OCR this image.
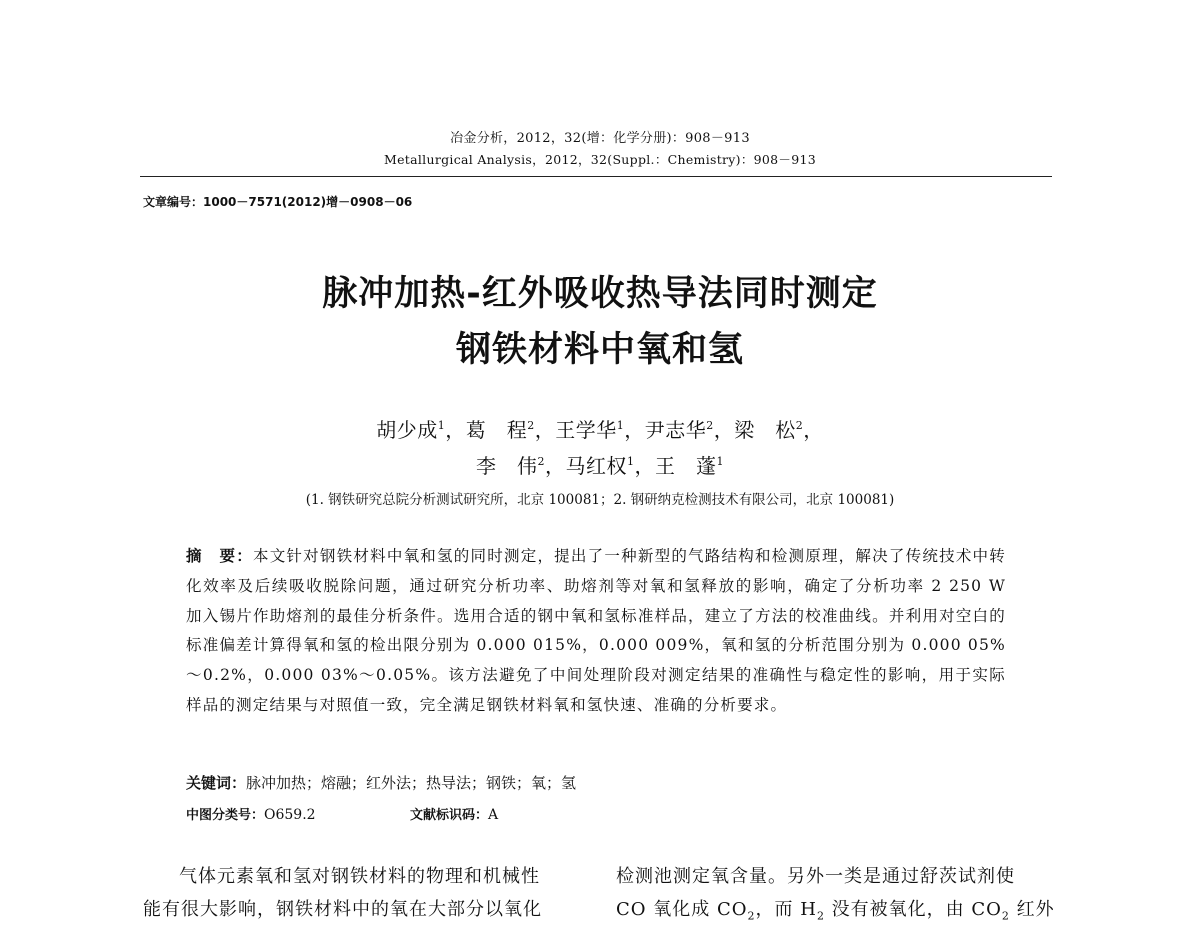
冶金分析，2012，32(增：化学分册)：908－913
Metallurgical Analysis，2012，32(Suppl.：Chemistry)：908－913
文章编号：1000－7571(2012)增－0908－06
脉冲加热-红外吸收热导法同时测定
钢铁材料中氧和氢
胡少成$^1$，葛　程$^2$，王学华$^1$，尹志华$^2$，梁　松$^2$，
李　伟$^2$，马红权$^1$，王　蓬$^1$
(1. 钢铁研究总院分析测试研究所，北京 100081；2. 钢研纳克检测技术有限公司，北京 100081)
摘　要：本文针对钢铁材料中氧和氢的同时测定，提出了一种新型的气路结构和检测原理，解决了传统技术中转化效率及后续吸收脱除问题，通过研究分析功率、助熔剂等对氧和氢释放的影响，确定了分析功率 2 250 W 加入锡片作助熔剂的最佳分析条件。选用合适的钢中氧和氢标准样品，建立了方法的校准曲线。并利用对空白的标准偏差计算得氧和氢的检出限分别为 0.000 015%，0.000 009%，氧和氢的分析范围分别为 0.000 05%～0.2%，0.000 03%～0.05%。该方法避免了中间处理阶段对测定结果的准确性与稳定性的影响，用于实际样品的测定结果与对照值一致，完全满足钢铁材料氧和氢快速、准确的分析要求。
关键词：脉冲加热；熔融；红外法；热导法；钢铁；氧；氢
中图分类号：O659.2	文献标识码：A
气体元素氧和氢对钢铁材料的物理和机械性
能有很大影响，钢铁材料中的氧在大部分以氧化
检测池测定氧含量。另外一类是通过舒茨试剂使
CO 氧化成 $CO_2$，而 $H_2$ 没有被氧化，由 $CO_2$ 红外
